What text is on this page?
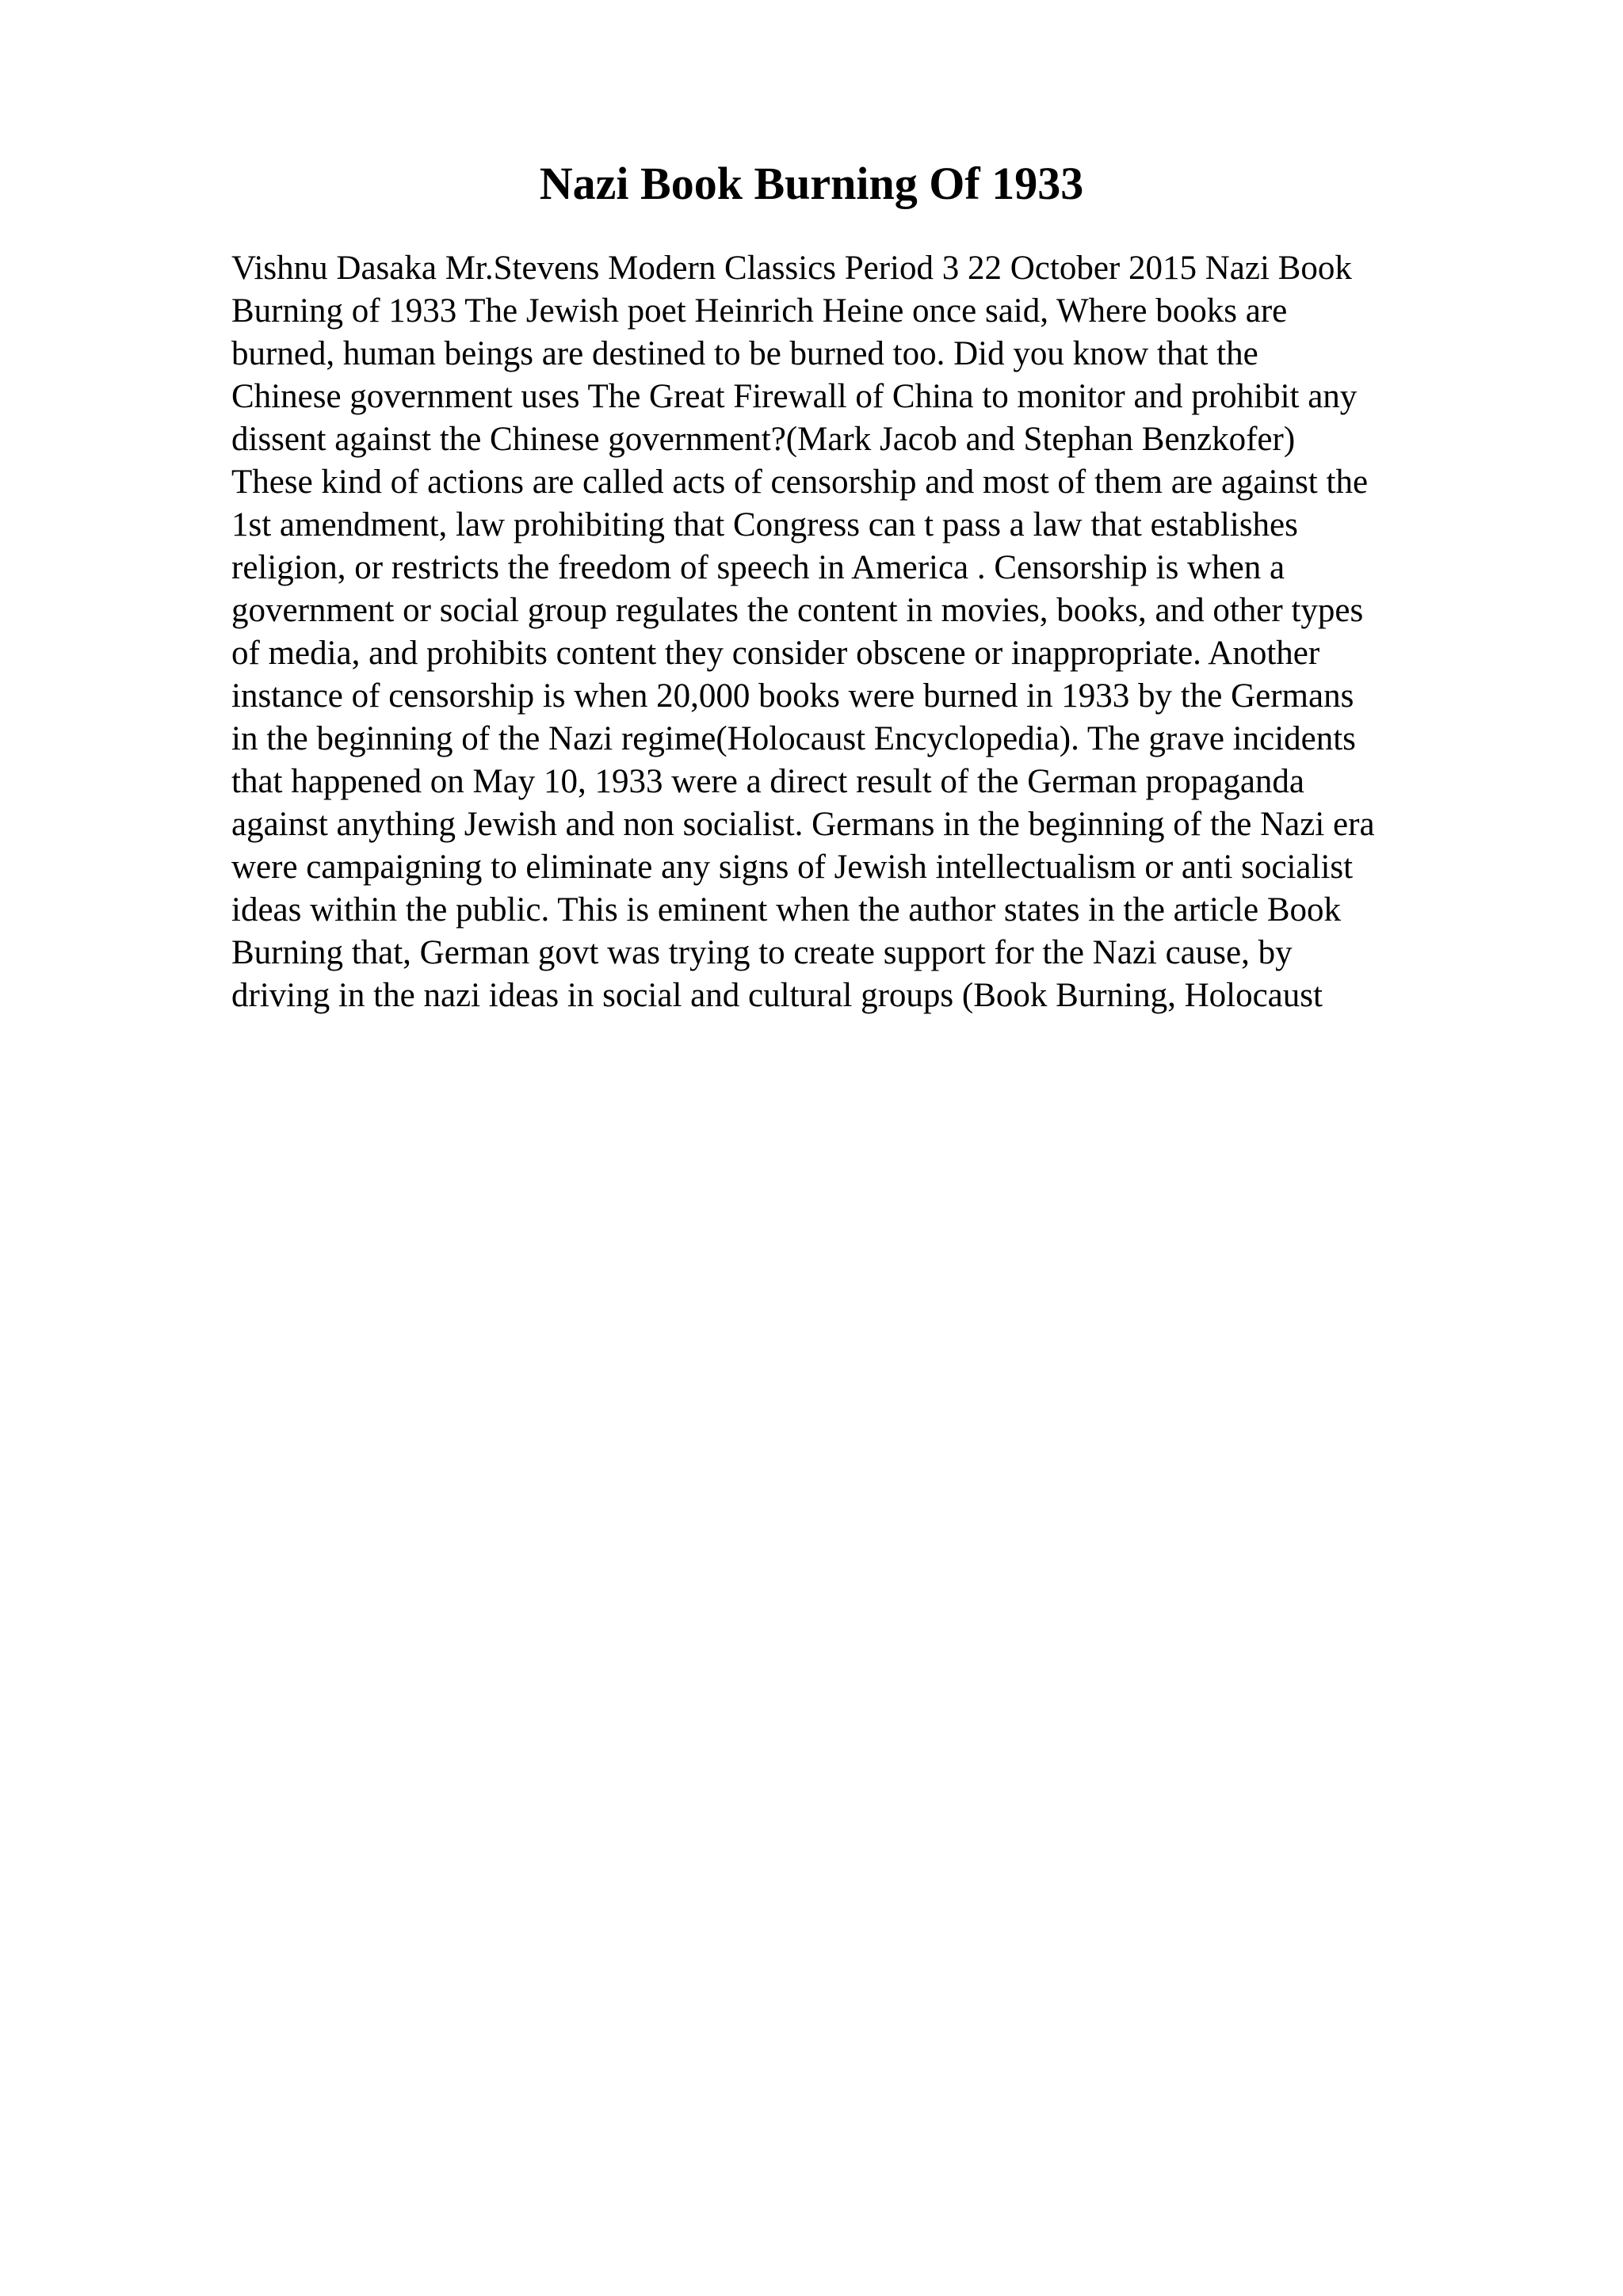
Nazi Book Burning Of 1933
Vishnu Dasaka Mr.Stevens Modern Classics Period 3 22 October 2015 Nazi Book
Burning of 1933 The Jewish poet Heinrich Heine once said, Where books are
burned, human beings are destined to be burned too. Did you know that the
Chinese government uses The Great Firewall of China to monitor and prohibit any
dissent against the Chinese government?(Mark Jacob and Stephan Benzkofer)
These kind of actions are called acts of censorship and most of them are against the
1st amendment, law prohibiting that Congress can t pass a law that establishes
religion, or restricts the freedom of speech in America . Censorship is when a
government or social group regulates the content in movies, books, and other types
of media, and prohibits content they consider obscene or inappropriate. Another
instance of censorship is when 20,000 books were burned in 1933 by the Germans
in the beginning of the Nazi regime(Holocaust Encyclopedia). The grave incidents
that happened on May 10, 1933 were a direct result of the German propaganda
against anything Jewish and non socialist. Germans in the beginning of the Nazi era
were campaigning to eliminate any signs of Jewish intellectualism or anti socialist
ideas within the public. This is eminent when the author states in the article Book
Burning that, German govt was trying to create support for the Nazi cause, by
driving in the nazi ideas in social and cultural groups (Book Burning, Holocaust
